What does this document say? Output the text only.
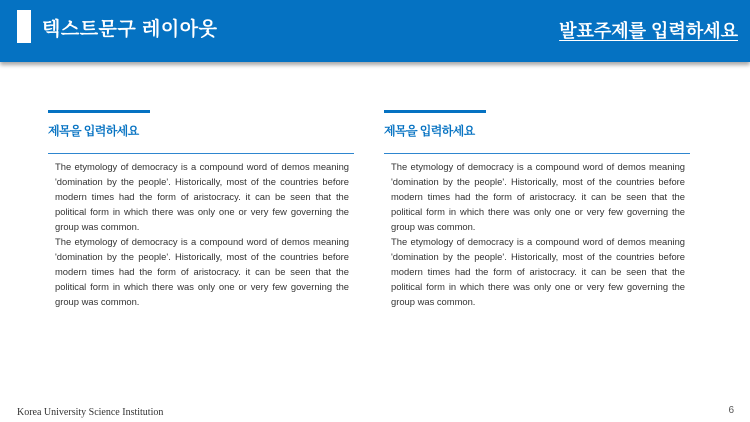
텍스트문구 레이아웃	발표주제를 입력하세요
제목을 입력하세요

The etymology of democracy is a compound word of demos meaning 'domination by the people'. Historically, most of the countries before modern times had the form of aristocracy. it can be seen that the political form in which there was only one or very few governing the group was common.

The etymology of democracy is a compound word of demos meaning 'domination by the people'. Historically, most of the countries before modern times had the form of aristocracy. it can be seen that the political form in which there was only one or very few governing the group was common.

제목을 입력하세요

The etymology of democracy is a compound word of demos meaning 'domination by the people'. Historically, most of the countries before modern times had the form of aristocracy. it can be seen that the political form in which there was only one or very few governing the group was common.

The etymology of democracy is a compound word of demos meaning 'domination by the people'. Historically, most of the countries before modern times had the form of aristocracy. it can be seen that the political form in which there was only one or very few governing the group was common.

Korea University Science Institution	6
